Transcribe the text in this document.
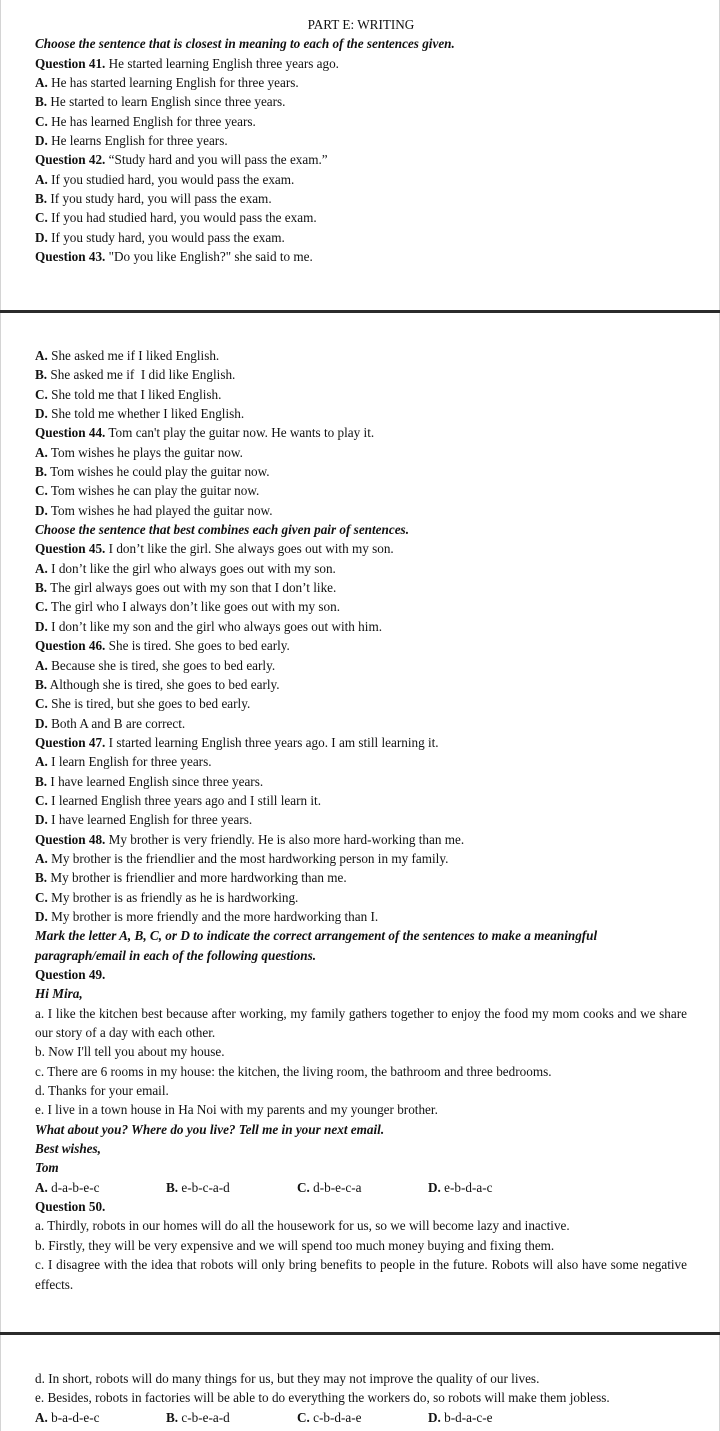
PART E: WRITING
Choose the sentence that is closest in meaning to each of the sentences given.
Question 41. He started learning English three years ago.
A. He has started learning English for three years.
B. He started to learn English since three years.
C. He has learned English for three years.
D. He learns English for three years.
Question 42. “Study hard and you will pass the exam.”
A. If you studied hard, you would pass the exam.
B. If you study hard, you will pass the exam.
C. If you had studied hard, you would pass the exam.
D. If you study hard, you would pass the exam.
Question 43. "Do you like English?" she said to me.
A. She asked me if I liked English.
B. She asked me if  I did like English.
C. She told me that I liked English.
D. She told me whether I liked English.
Question 44. Tom can't play the guitar now. He wants to play it.
A. Tom wishes he plays the guitar now.
B. Tom wishes he could play the guitar now.
C. Tom wishes he can play the guitar now.
D. Tom wishes he had played the guitar now.
Choose the sentence that best combines each given pair of sentences.
Question 45. I don’t like the girl. She always goes out with my son.
A. I don’t like the girl who always goes out with my son.
B. The girl always goes out with my son that I don’t like.
C. The girl who I always don’t like goes out with my son.
D. I don’t like my son and the girl who always goes out with him.
Question 46. She is tired. She goes to bed early.
A. Because she is tired, she goes to bed early.
B. Although she is tired, she goes to bed early.
C. She is tired, but she goes to bed early.
D. Both A and B are correct.
Question 47. I started learning English three years ago. I am still learning it.
A. I learn English for three years.
B. I have learned English since three years.
C. I learned English three years ago and I still learn it.
D. I have learned English for three years.
Question 48. My brother is very friendly. He is also more hard-working than me.
A. My brother is the friendlier and the most hardworking person in my family.
B. My brother is friendlier and more hardworking than me.
C. My brother is as friendly as he is hardworking.
D. My brother is more friendly and the more hardworking than I.
Mark the letter A, B, C, or D to indicate the correct arrangement of the sentences to make a meaningful paragraph/email in each of the following questions.
Question 49.
Hi Mira,
a. I like the kitchen best because after working, my family gathers together to enjoy the food my mom cooks and we share our story of a day with each other.
b. Now I'll tell you about my house.
c. There are 6 rooms in my house: the kitchen, the living room, the bathroom and three bedrooms.
d. Thanks for your email.
e. I live in a town house in Ha Noi with my parents and my younger brother.
What about you? Where do you live? Tell me in your next email.
Best wishes,
Tom
A. d-a-b-e-c	B. e-b-c-a-d	C. d-b-e-c-a	D. e-b-d-a-c
Question 50.
a. Thirdly, robots in our homes will do all the housework for us, so we will become lazy and inactive.
b. Firstly, they will be very expensive and we will spend too much money buying and fixing them.
c. I disagree with the idea that robots will only bring benefits to people in the future. Robots will also have some negative effects.
d. In short, robots will do many things for us, but they may not improve the quality of our lives.
e. Besides, robots in factories will be able to do everything the workers do, so robots will make them jobless.
A. b-a-d-e-c	B. c-b-e-a-d	C. c-b-d-a-e	D. b-d-a-c-e
